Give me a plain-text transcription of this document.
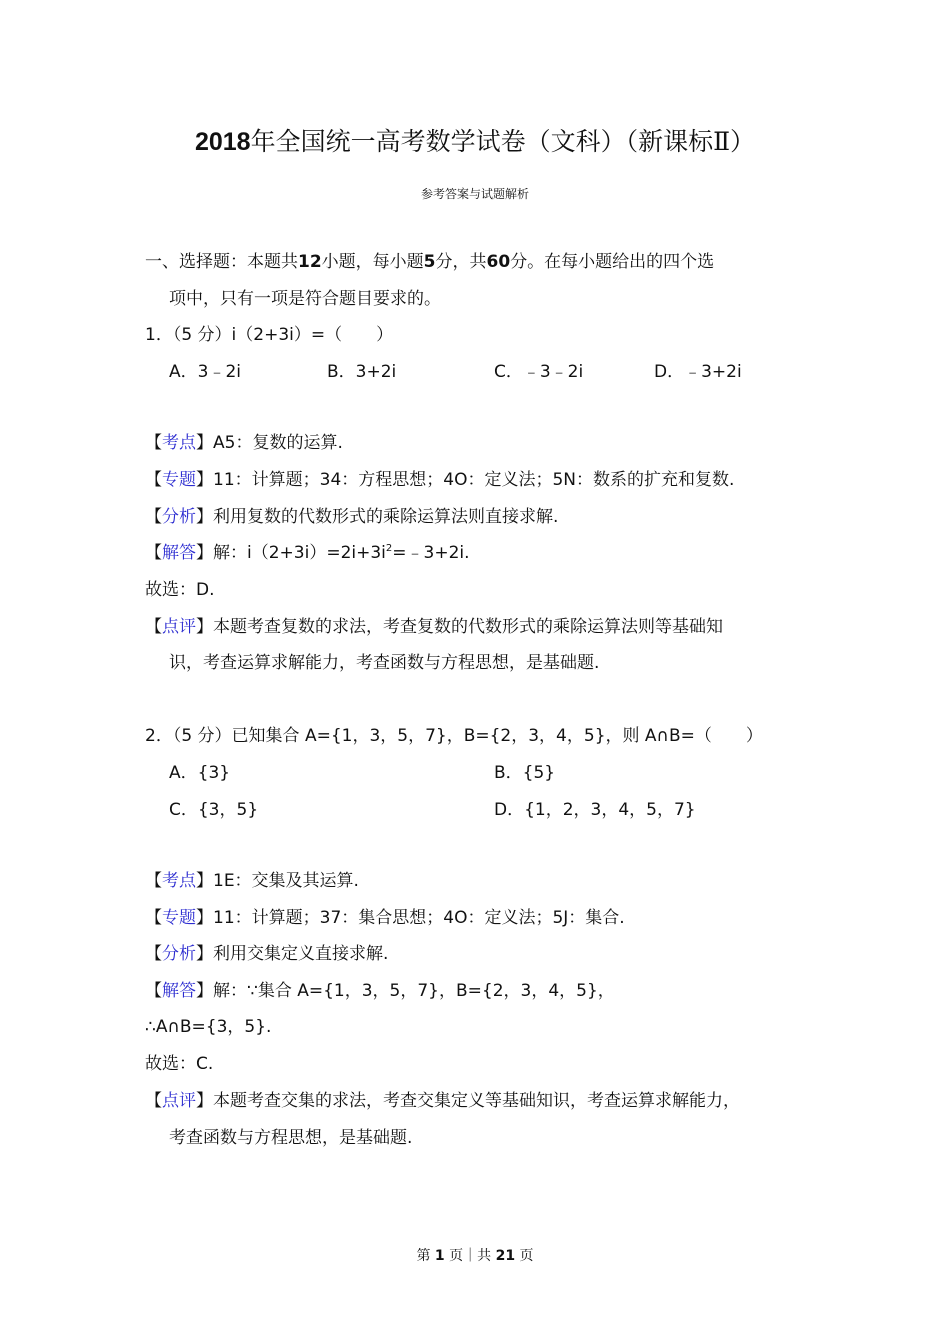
2018年全国统一高考数学试卷（文科）（新课标Ⅱ）
参考答案与试题解析
一、选择题：本题共12小题，每小题5分，共60分。在每小题给出的四个选
项中，只有一项是符合题目要求的。
1．（5 分）i（2+3i）=（　　）
A．3﹣2i	B．3+2i	C．﹣3﹣2i	D．﹣3+2i
【考点】A5：复数的运算.
【专题】11：计算题；34：方程思想；4O：定义法；5N：数系的扩充和复数.
【分析】利用复数的代数形式的乘除运算法则直接求解.
【解答】解：$i(2+3i)=2i+3i^2=﹣3+2i$.
故选：D.
【点评】本题考查复数的求法，考查复数的代数形式的乘除运算法则等基础知
识，考查运算求解能力，考查函数与方程思想，是基础题.
2．（5 分）已知集合 A={1，3，5，7}，B={2，3，4，5}，则 A∩B=（　　）
A．{3}	B．{5}
C．{3，5}	D．{1，2，3，4，5，7}
【考点】1E：交集及其运算.
【专题】11：计算题；37：集合思想；4O：定义法；5J：集合.
【分析】利用交集定义直接求解.
【解答】解：∵集合 A={1，3，5，7}，B={2，3，4，5}，
∴A∩B={3，5}.
故选：C.
【点评】本题考查交集的求法，考查交集定义等基础知识，考查运算求解能力，
考查函数与方程思想，是基础题.
第 1 页｜共 21 页
